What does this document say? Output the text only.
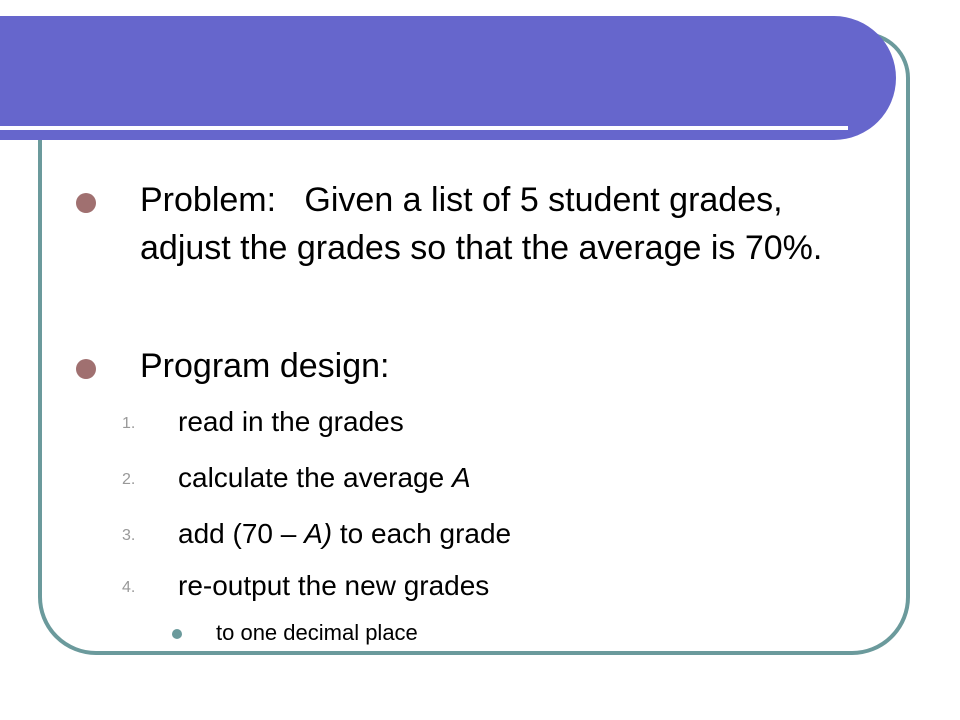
Problem: Given a list of 5 student grades, adjust the grades so that the average is 70%.
Program design:
1. read in the grades
2. calculate the average A
3. add (70 – A) to each grade
4. re-output the new grades
to one decimal place
